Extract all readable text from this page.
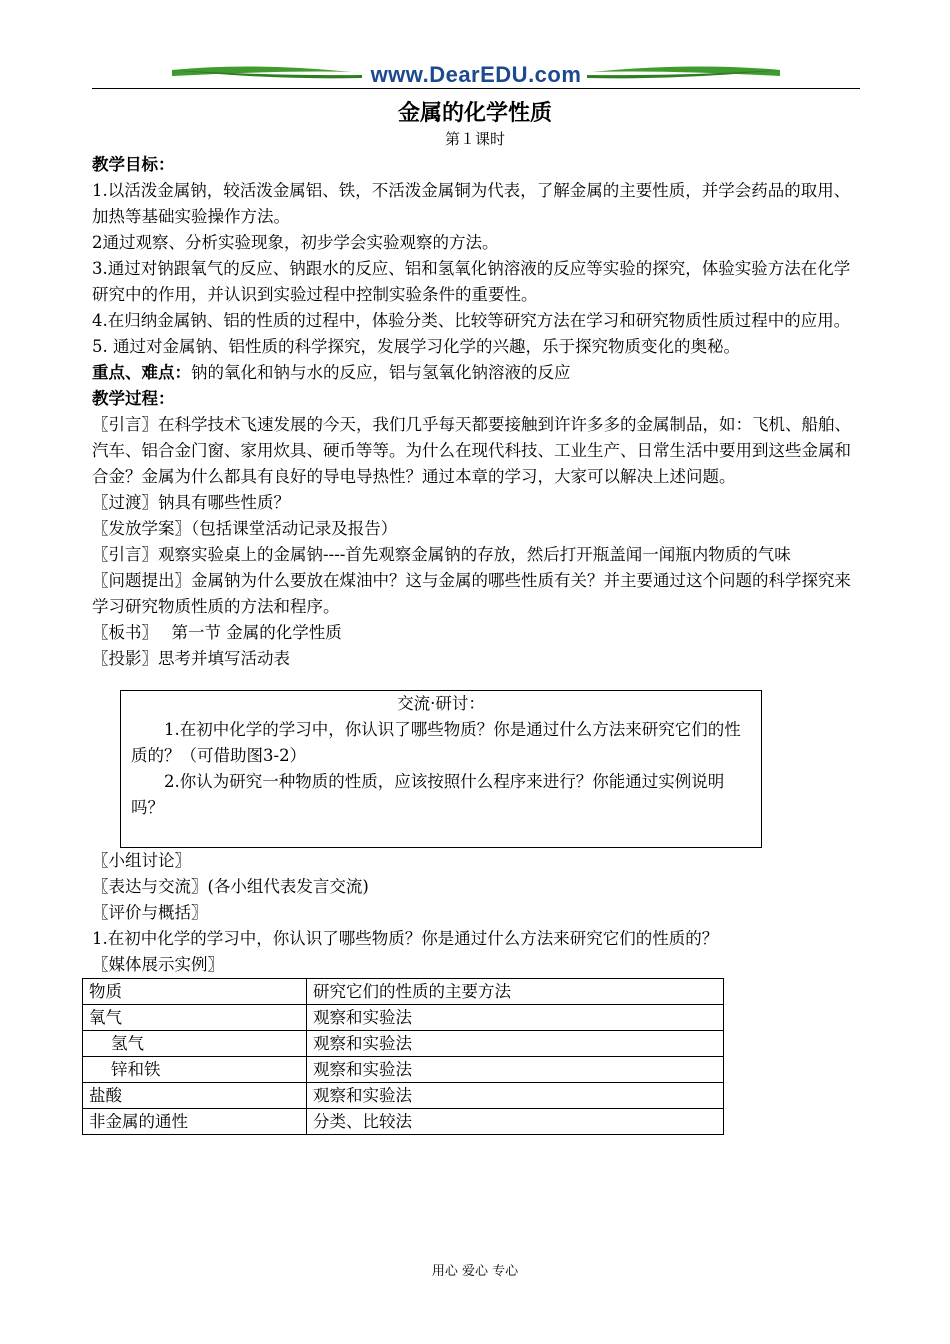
www.DearEDU.com
金属的化学性质
第１课时

教学目标：

1.以活泼金属钠，较活泼金属铝、铁，不活泼金属铜为代表，了解金属的主要性质，并学会药品的取用、加热等基础实验操作方法。

2通过观察、分析实验现象，初步学会实验观察的方法。

3.通过对钠跟氧气的反应、钠跟水的反应、铝和氢氧化钠溶液的反应等实验的探究，体验实验方法在化学研究中的作用，并认识到实验过程中控制实验条件的重要性。

4.在归纳金属钠、铝的性质的过程中，体验分类、比较等研究方法在学习和研究物质性质过程中的应用。

5. 通过对金属钠、铝性质的科学探究，发展学习化学的兴趣，乐于探究物质变化的奥秘。

重点、难点：钠的氧化和钠与水的反应，铝与氢氧化钠溶液的反应

教学过程：

〖引言〗在科学技术飞速发展的今天，我们几乎每天都要接触到许许多多的金属制品，如：飞机、船舶、汽车、铝合金门窗、家用炊具、硬币等等。为什么在现代科技、工业生产、日常生活中要用到这些金属和合金？金属为什么都具有良好的导电导热性？通过本章的学习，大家可以解决上述问题。

〖过渡〗钠具有哪些性质？

〖发放学案〗（包括课堂活动记录及报告）

〖引言〗观察实验桌上的金属钠----首先观察金属钠的存放，然后打开瓶盖闻一闻瓶内物质的气味

〖问题提出〗金属钠为什么要放在煤油中？这与金属的哪些性质有关？并主要通过这个问题的科学探究来学习研究物质性质的方法和程序。

〖板书〗　 第一节 金属的化学性质

〖投影〗思考并填写活动表

交流·研讨：

1.在初中化学的学习中，你认识了哪些物质？你是通过什么方法来研究它们的性质的？（可借助图3-2）

2.你认为研究一种物质的性质，应该按照什么程序来进行？你能通过实例说明吗？

〖小组讨论〗

〖表达与交流〗(各小组代表发言交流)

〖评价与概括〗

1.在初中化学的学习中，你认识了哪些物质？你是通过什么方法来研究它们的性质的？

〖媒体展示实例〗

物质	研究它们的性质的主要方法
氧气	观察和实验法
氢气	观察和实验法
锌和铁	观察和实验法
盐酸	观察和实验法
非金属的通性	分类、比较法
用心 爱心 专心
